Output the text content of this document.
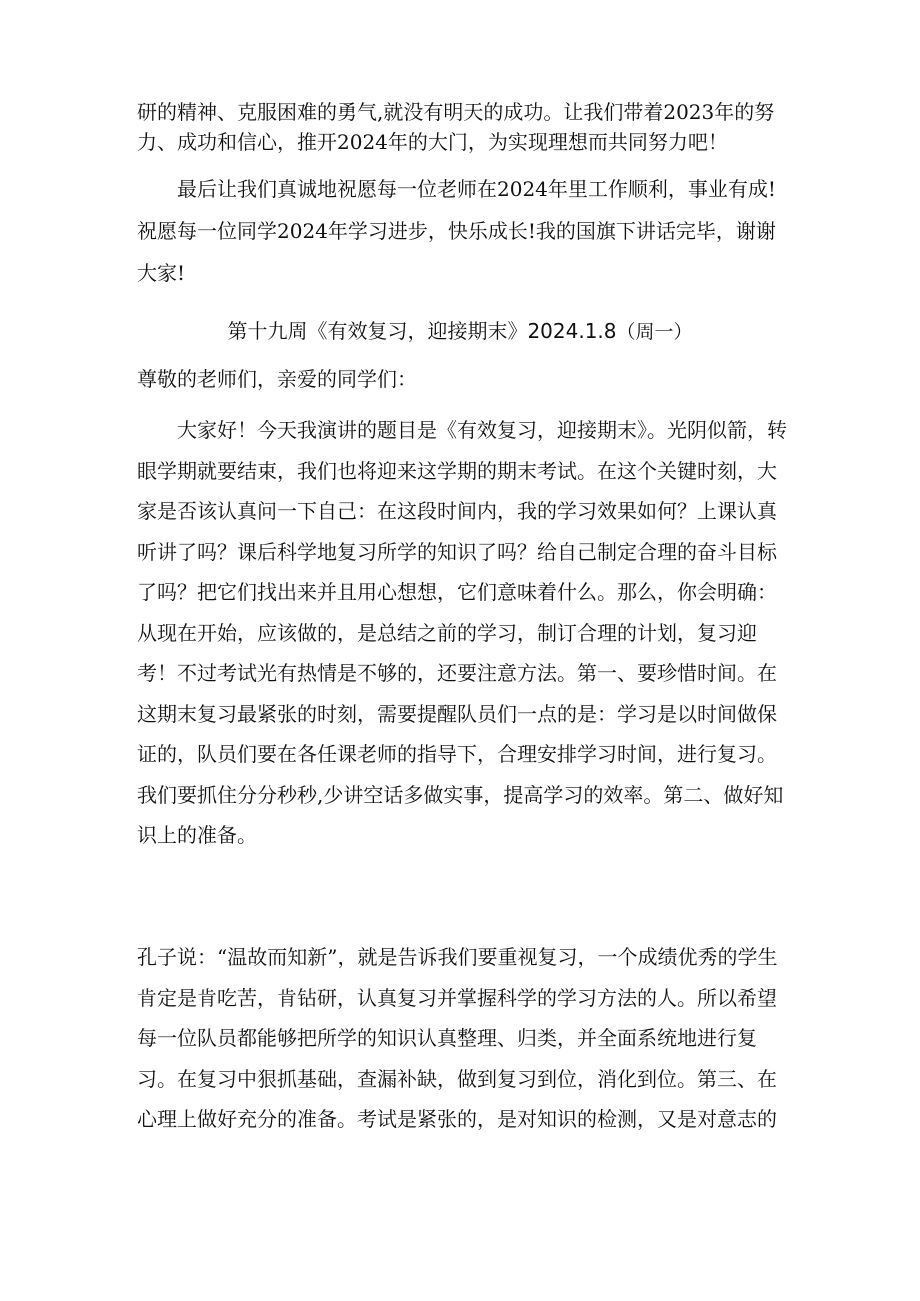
研的精神、克服困难的勇气,就没有明天的成功。让我们带着2023年的努力、成功和信心，推开2024年的大门，为实现理想而共同努力吧！
最后让我们真诚地祝愿每一位老师在2024年里工作顺利，事业有成!祝愿每一位同学2024年学习进步，快乐成长!我的国旗下讲话完毕，谢谢大家!
第十九周《有效复习，迎接期末》2024.1.8（周一）
尊敬的老师们，亲爱的同学们：
大家好！今天我演讲的题目是《有效复习，迎接期末》。光阴似箭，转眼学期就要结束，我们也将迎来这学期的期末考试。在这个关键时刻，大家是否该认真问一下自己：在这段时间内，我的学习效果如何？上课认真听讲了吗？课后科学地复习所学的知识了吗？给自己制定合理的奋斗目标了吗？把它们找出来并且用心想想，它们意味着什么。那么，你会明确：从现在开始，应该做的，是总结之前的学习，制订合理的计划，复习迎考！不过考试光有热情是不够的，还要注意方法。第一、要珍惜时间。在这期末复习最紧张的时刻，需要提醒队员们一点的是：学习是以时间做保证的，队员们要在各任课老师的指导下，合理安排学习时间，进行复习。我们要抓住分分秒秒,少讲空话多做实事，提高学习的效率。第二、做好知识上的准备。
孔子说：“温故而知新”，就是告诉我们要重视复习，一个成绩优秀的学生肯定是肯吃苦，肯钻研，认真复习并掌握科学的学习方法的人。所以希望每一位队员都能够把所学的知识认真整理、归类，并全面系统地进行复习。在复习中狠抓基础，查漏补缺，做到复习到位，消化到位。第三、在心理上做好充分的准备。考试是紧张的，是对知识的检测，又是对意志的
